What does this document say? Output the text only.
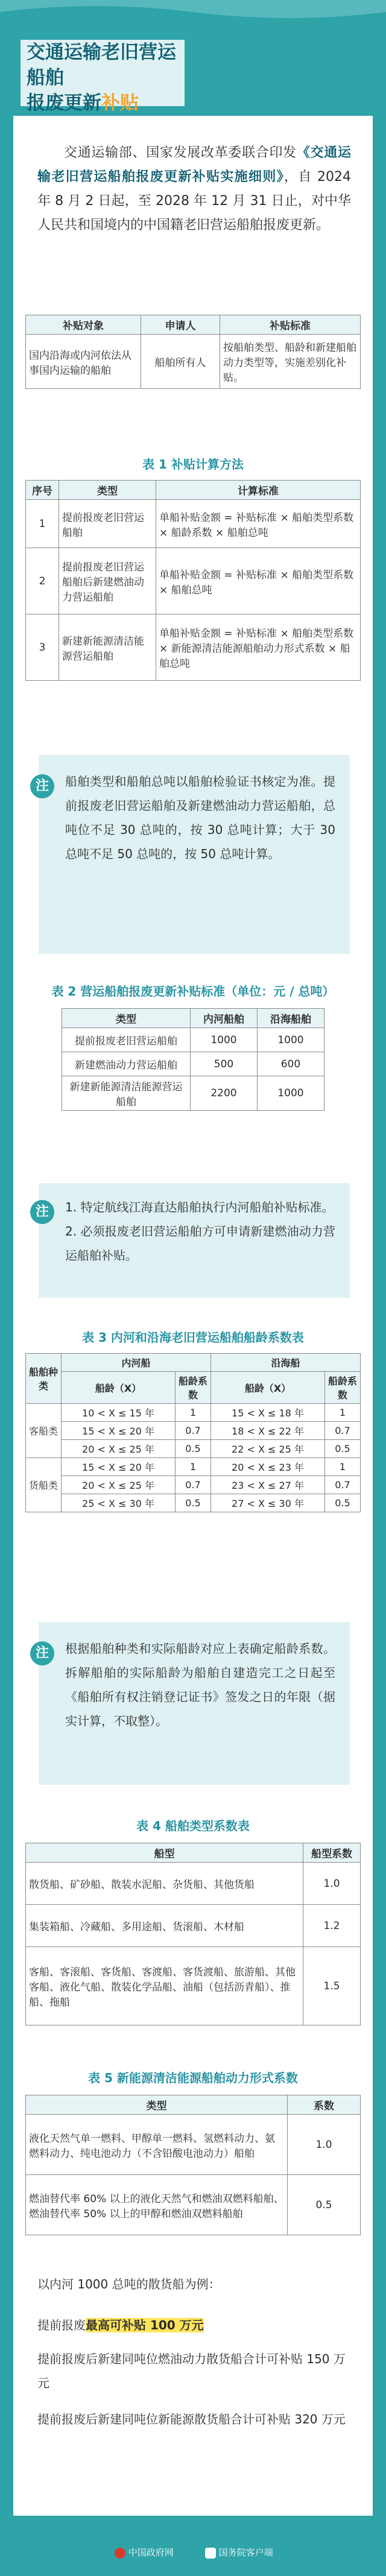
交通运输老旧营运船舶
报废更新补贴
交通运输部、国家发展改革委联合印发《交通运输老旧营运船舶报废更新补贴实施细则》，自 2024 年 8 月 2 日起，至 2028 年 12 月 31 日止，对中华人民共和国境内的中国籍老旧营运船舶报废更新。
补贴对象	申请人	补贴标准
国内沿海或内河依法从事国内运输的船舶	船舶所有人	按船舶类型、船龄和新建船舶动力类型等，实施差别化补贴。
表 1 补贴计算方法
序号	类型	计算标准
1	提前报废老旧营运船舶	单船补贴金额 = 补贴标准 × 船舶类型系数 × 船龄系数 × 船舶总吨
2	提前报废老旧营运船舶后新建燃油动力营运船舶	单船补贴金额 = 补贴标准 × 船舶类型系数 × 船舶总吨
3	新建新能源清洁能源营运船舶	单船补贴金额 = 补贴标准 × 船舶类型系数 × 新能源清洁能源船舶动力形式系数 × 船舶总吨
注	船舶类型和船舶总吨以船舶检验证书核定为准。提前报废老旧营运船舶及新建燃油动力营运船舶，总吨位不足 30 总吨的，按 30 总吨计算；大于 30 总吨不足 50 总吨的，按 50 总吨计算。
表 2 营运船舶报废更新补贴标准（单位：元 / 总吨）
类型	内河船舶	沿海船舶
提前报废老旧营运船舶	1000	1000
新建燃油动力营运船舶	500	600
新建新能源清洁能源营运船舶	2200	1000
注	1. 特定航线江海直达船舶执行内河船舶补贴标准。
2. 必须报废老旧营运船舶方可申请新建燃油动力营运船舶补贴。
表 3 内河和沿海老旧营运船舶船龄系数表
船舶种类	内河船		沿海船	
	船龄（X）	船龄系数	船龄（X）	船龄系数
客船类	10 < X ≤ 15 年	1	15 < X ≤ 18 年	1
	15 < X ≤ 20 年	0.7	18 < X ≤ 22 年	0.7
	20 < X ≤ 25 年	0.5	22 < X ≤ 25 年	0.5
货船类	15 < X ≤ 20 年	1	20 < X ≤ 23 年	1
	20 < X ≤ 25 年	0.7	23 < X ≤ 27 年	0.7
	25 < X ≤ 30 年	0.5	27 < X ≤ 30 年	0.5
注	根据船舶种类和实际船龄对应上表确定船龄系数。拆解船舶的实际船龄为船舶自建造完工之日起至《船舶所有权注销登记证书》签发之日的年限（据实计算，不取整）。
表 4 船舶类型系数表
船型	船型系数
散货船、矿砂船、散装水泥船、杂货船、其他货船	1.0
集装箱船、冷藏船、多用途船、货滚船、木材船	1.2
客船、客滚船、客货船、客渡船、客货渡船、旅游船、其他客船、液化气船、散装化学品船、油船（包括沥青船）、推船、拖船	1.5
表 5 新能源清洁能源船舶动力形式系数
类型	系数
液化天然气单一燃料、甲醇单一燃料、氢燃料动力、氨燃料动力、纯电池动力（不含铅酸电池动力）船舶	1.0
燃油替代率 60% 以上的液化天然气和燃油双燃料船舶、燃油替代率 50% 以上的甲醇和燃油双燃料船舶	0.5
以内河 1000 总吨的散货船为例：
提前报废最高可补贴 100 万元
提前报废后新建同吨位燃油动力散货船合计可补贴 150 万元
提前报废后新建同吨位新能源散货船合计可补贴 320 万元
中国政府网	国务院客户端
